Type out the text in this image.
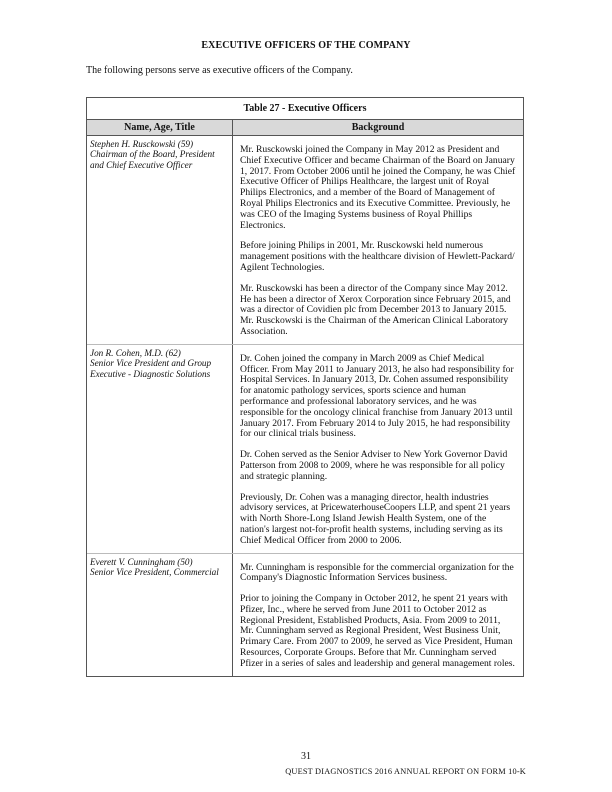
EXECUTIVE OFFICERS OF THE COMPANY
The following persons serve as executive officers of the Company.
Table 27 - Executive Officers
Name, Age, Title	Background
Stephen H. Rusckowski (59)
Chairman of the Board, President and Chief Executive Officer

Mr. Rusckowski joined the Company in May 2012 as President and Chief Executive Officer and became Chairman of the Board on January 1, 2017. From October 2006 until he joined the Company, he was Chief Executive Officer of Philips Healthcare, the largest unit of Royal Philips Electronics, and a member of the Board of Management of Royal Philips Electronics and its Executive Committee. Previously, he was CEO of the Imaging Systems business of Royal Phillips Electronics.

Before joining Philips in 2001, Mr. Rusckowski held numerous management positions with the healthcare division of Hewlett-Packard/ Agilent Technologies.

Mr. Rusckowski has been a director of the Company since May 2012. He has been a director of Xerox Corporation since February 2015, and was a director of Covidien plc from December 2013 to January 2015. Mr. Rusckowski is the Chairman of the American Clinical Laboratory Association.

Jon R. Cohen, M.D. (62)
Senior Vice President and Group Executive - Diagnostic Solutions

Dr. Cohen joined the company in March 2009 as Chief Medical Officer. From May 2011 to January 2013, he also had responsibility for Hospital Services. In January 2013, Dr. Cohen assumed responsibility for anatomic pathology services, sports science and human performance and professional laboratory services, and he was responsible for the oncology clinical franchise from January 2013 until January 2017. From February 2014 to July 2015, he had responsibility for our clinical trials business.

Dr. Cohen served as the Senior Adviser to New York Governor David Patterson from 2008 to 2009, where he was responsible for all policy and strategic planning.

Previously, Dr. Cohen was a managing director, health industries advisory services, at PricewaterhouseCoopers LLP, and spent 21 years with North Shore-Long Island Jewish Health System, one of the nation's largest not-for-profit health systems, including serving as its Chief Medical Officer from 2000 to 2006.

Everett V. Cunningham (50)
Senior Vice President, Commercial	Mr. Cunningham is responsible for the commercial organization for the Company's Diagnostic Information Services business.

Prior to joining the Company in October 2012, he spent 21 years with Pfizer, Inc., where he served from June 2011 to October 2012 as Regional President, Established Products, Asia. From 2009 to 2011, Mr. Cunningham served as Regional President, West Business Unit, Primary Care. From 2007 to 2009, he served as Vice President, Human Resources, Corporate Groups. Before that Mr. Cunningham served Pfizer in a series of sales and leadership and general management roles.

31
QUEST DIAGNOSTICS 2016 ANNUAL REPORT ON FORM 10-K
